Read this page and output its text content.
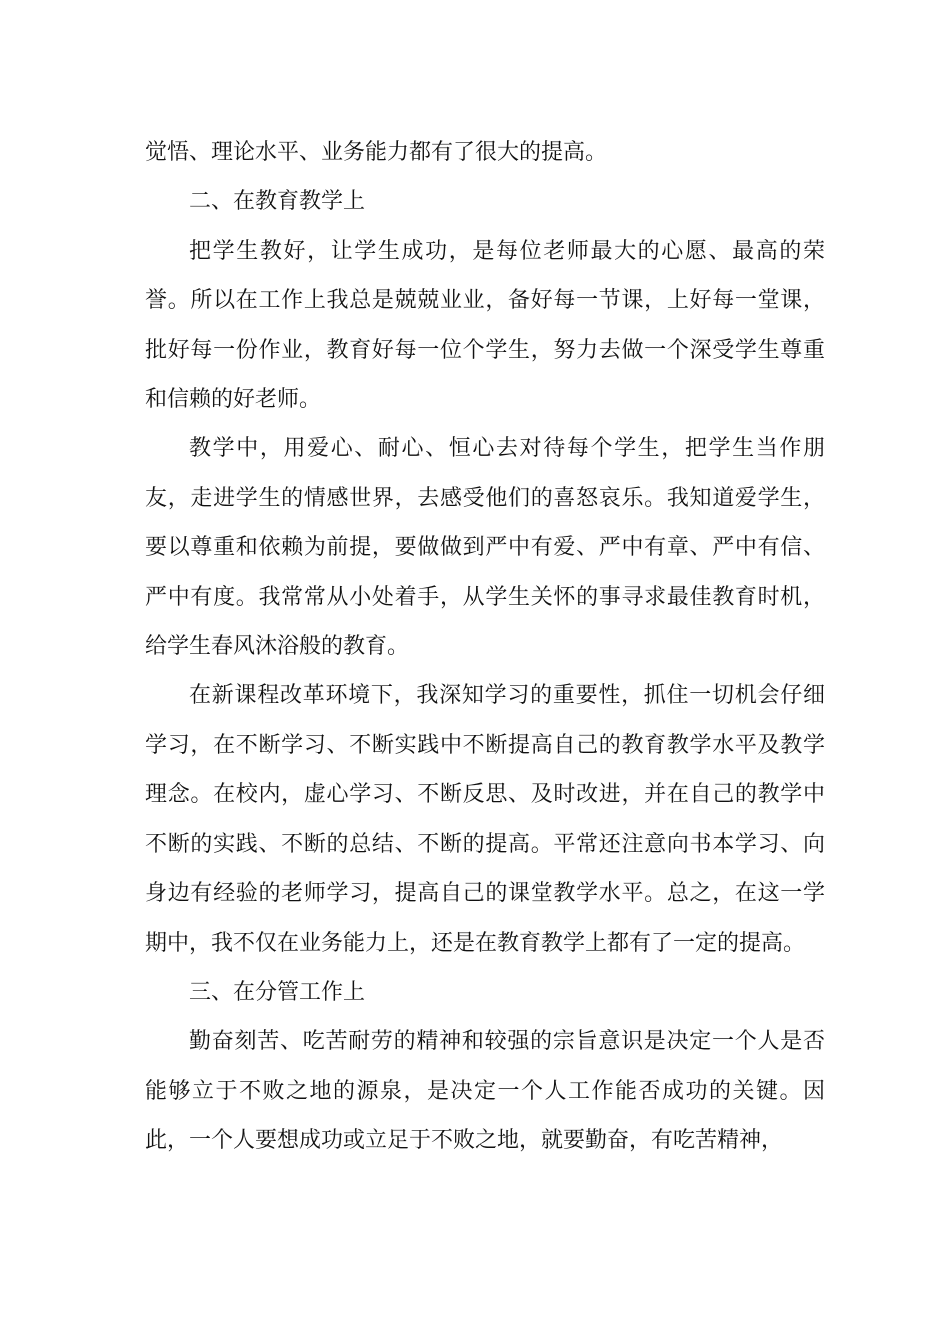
觉悟、理论水平、业务能力都有了很大的提高。

二、在教育教学上

把学生教好，让学生成功，是每位老师最大的心愿、最高的荣誉。所以在工作上我总是兢兢业业，备好每一节课，上好每一堂课，批好每一份作业，教育好每一位个学生，努力去做一个深受学生尊重和信赖的好老师。

教学中，用爱心、耐心、恒心去对待每个学生，把学生当作朋友，走进学生的情感世界，去感受他们的喜怒哀乐。我知道爱学生，要以尊重和依赖为前提，要做做到严中有爱、严中有章、严中有信、严中有度。我常常从小处着手，从学生关怀的事寻求最佳教育时机，给学生春风沐浴般的教育。

在新课程改革环境下，我深知学习的重要性，抓住一切机会仔细学习，在不断学习、不断实践中不断提高自己的教育教学水平及教学理念。在校内，虚心学习、不断反思、及时改进，并在自己的教学中不断的实践、不断的总结、不断的提高。平常还注意向书本学习、向身边有经验的老师学习，提高自己的课堂教学水平。总之，在这一学期中，我不仅在业务能力上，还是在教育教学上都有了一定的提高。

三、在分管工作上

勤奋刻苦、吃苦耐劳的精神和较强的宗旨意识是决定一个人是否能够立于不败之地的源泉，是决定一个人工作能否成功的关键。因此，一个人要想成功或立足于不败之地，就要勤奋，有吃苦精神，
